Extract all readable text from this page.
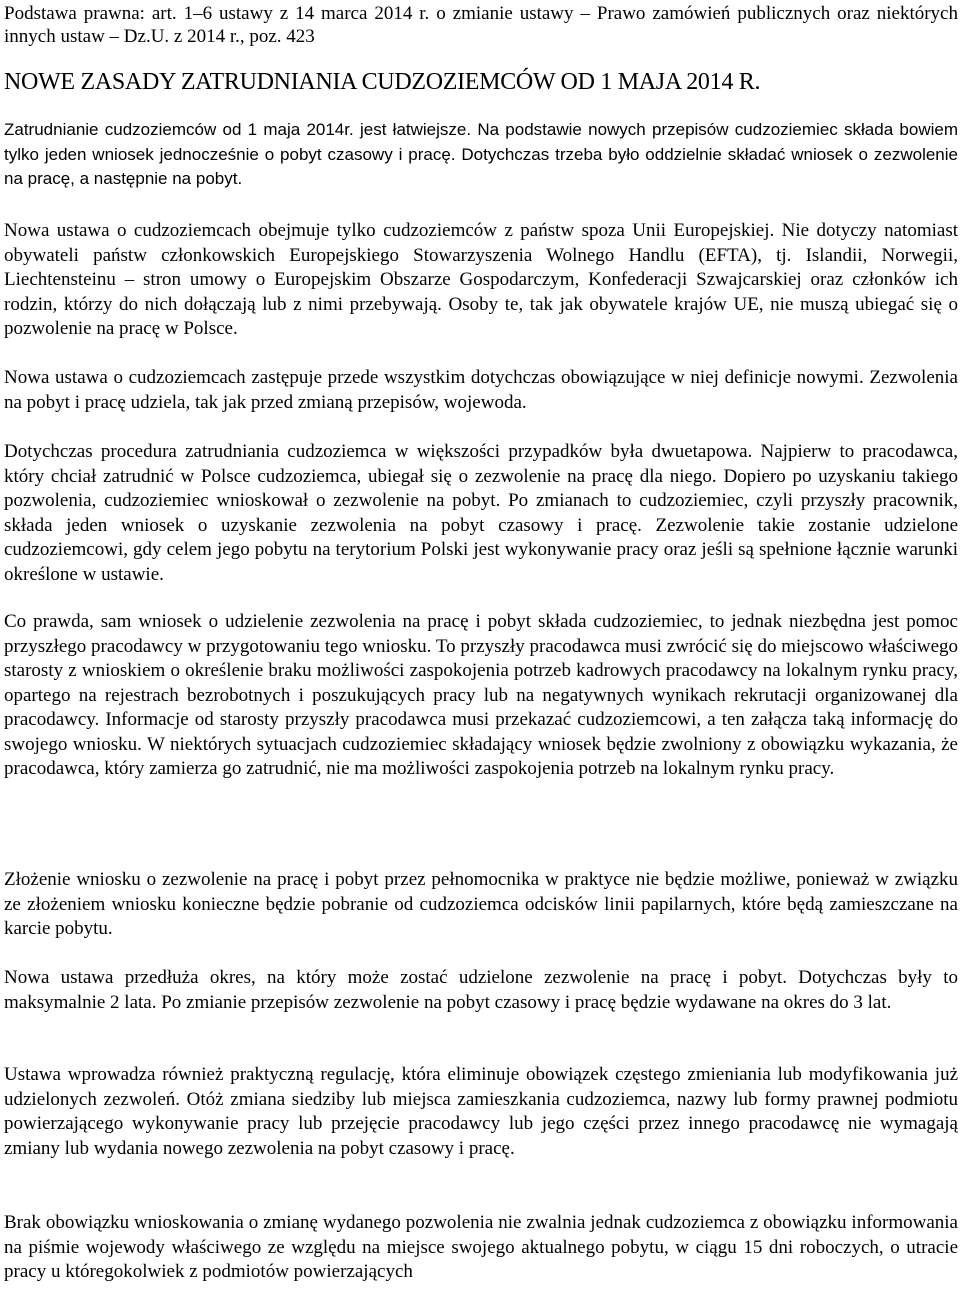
Podstawa prawna: art. 1–6 ustawy z 14 marca 2014 r. o zmianie ustawy – Prawo zamówień publicznych oraz niektórych innych ustaw – Dz.U. z 2014 r., poz. 423

NOWE ZASADY ZATRUDNIANIA CUDZOZIEMCÓW OD 1 MAJA 2014 R.

Zatrudnianie cudzoziemców od 1 maja 2014r. jest łatwiejsze. Na podstawie nowych przepisów cudzoziemiec składa bowiem tylko jeden wniosek jednocześnie o pobyt czasowy i pracę. Dotychczas trzeba było oddzielnie składać wniosek o zezwolenie na pracę, a następnie na pobyt.

Nowa ustawa o cudzoziemcach obejmuje tylko cudzoziemców z państw spoza Unii Europejskiej. Nie dotyczy natomiast obywateli państw członkowskich Europejskiego Stowarzyszenia Wolnego Handlu (EFTA), tj. Islandii, Norwegii, Liechtensteinu – stron umowy o Europejskim Obszarze Gospodarczym, Konfederacji Szwajcarskiej oraz członków ich rodzin, którzy do nich dołączają lub z nimi przebywają. Osoby te, tak jak obywatele krajów UE, nie muszą ubiegać się o pozwolenie na pracę w Polsce.

Nowa ustawa o cudzoziemcach zastępuje przede wszystkim dotychczas obowiązujące w niej definicje nowymi. Zezwolenia na pobyt i pracę udziela, tak jak przed zmianą przepisów, wojewoda.

Dotychczas procedura zatrudniania cudzoziemca w większości przypadków była dwuetapowa. Najpierw to pracodawca, który chciał zatrudnić w Polsce cudzoziemca, ubiegał się o zezwolenie na pracę dla niego. Dopiero po uzyskaniu takiego pozwolenia, cudzoziemiec wnioskował o zezwolenie na pobyt. Po zmianach to cudzoziemiec, czyli przyszły pracownik, składa jeden wniosek o uzyskanie zezwolenia na pobyt czasowy i pracę. Zezwolenie takie zostanie udzielone cudzoziemcowi, gdy celem jego pobytu na terytorium Polski jest wykonywanie pracy oraz jeśli są spełnione łącznie warunki określone w ustawie.

Co prawda, sam wniosek o udzielenie zezwolenia na pracę i pobyt składa cudzoziemiec, to jednak niezbędna jest pomoc przyszłego pracodawcy w przygotowaniu tego wniosku. To przyszły pracodawca musi zwrócić się do miejscowo właściwego starosty z wnioskiem o określenie braku możliwości zaspokojenia potrzeb kadrowych pracodawcy na lokalnym rynku pracy, opartego na rejestrach bezrobotnych i poszukujących pracy lub na negatywnych wynikach rekrutacji organizowanej dla pracodawcy. Informacje od starosty przyszły pracodawca musi przekazać cudzoziemcowi, a ten załącza taką informację do swojego wniosku. W niektórych sytuacjach cudzoziemiec składający wniosek będzie zwolniony z obowiązku wykazania, że pracodawca, który zamierza go zatrudnić, nie ma możliwości zaspokojenia potrzeb na lokalnym rynku pracy.

Złożenie wniosku o zezwolenie na pracę i pobyt przez pełnomocnika w praktyce nie będzie możliwe, ponieważ w związku ze złożeniem wniosku konieczne będzie pobranie od cudzoziemca odcisków linii papilarnych, które będą zamieszczane na karcie pobytu.

Nowa ustawa przedłuża okres, na który może zostać udzielone zezwolenie na pracę i pobyt. Dotychczas były to maksymalnie 2 lata. Po zmianie przepisów zezwolenie na pobyt czasowy i pracę będzie wydawane na okres do 3 lat.

Ustawa wprowadza również praktyczną regulację, która eliminuje obowiązek częstego zmieniania lub modyfikowania już udzielonych zezwoleń. Otóż zmiana siedziby lub miejsca zamieszkania cudzoziemca, nazwy lub formy prawnej podmiotu powierzającego wykonywanie pracy lub przejęcie pracodawcy lub jego części przez innego pracodawcę nie wymagają zmiany lub wydania nowego zezwolenia na pobyt czasowy i pracę.

Brak obowiązku wnioskowania o zmianę wydanego pozwolenia nie zwalnia jednak cudzoziemca z obowiązku informowania na piśmie wojewody właściwego ze względu na miejsce swojego aktualnego pobytu, w ciągu 15 dni roboczych, o utracie pracy u któregokolwiek z podmiotów powierzających
